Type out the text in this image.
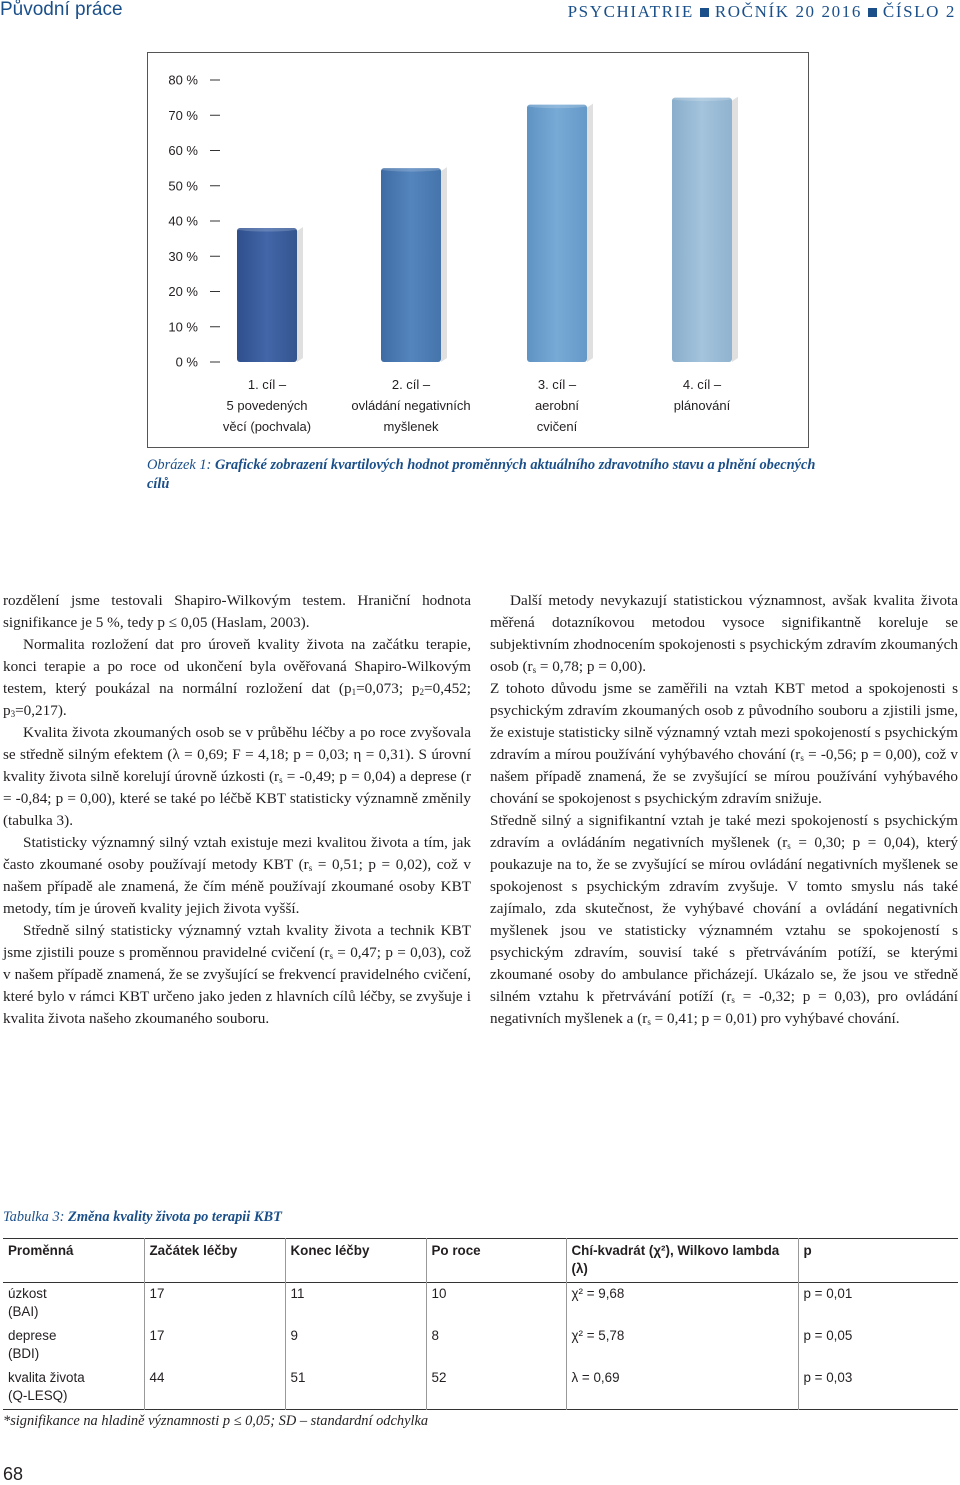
Původní práce	PSYCHIATRIE ROČNÍK 20 2016 ČÍSLO 2
0 %
10 %
20 %
30 %
40 %
50 %
60 %
70 %
80 %
1. cíl –
5 povedených
věcí (pochvala)
2. cíl –
ovládání negativních
myšlenek
3. cíl –
aerobní
cvičení
4. cíl –
plánování
Obrázek 1: Grafické zobrazení kvartilových hodnot proměnných aktuálního zdravotního stavu a plnění obecných cílů

rozdělení jsme testovali Shapiro-Wilkovým testem. Hraniční hodnota signifikance je 5 %, tedy p ≤ 0,05 (Haslam, 2003).

Normalita rozložení dat pro úroveň kvality života na začátku terapie, konci terapie a po roce od ukončení byla ověřovaná Shapiro-Wilkovým testem, který poukázal na normální rozložení dat ($p_1=0,073$; $p_2=0,452$; $p_3=0,217$).

Kvalita života zkoumaných osob se v průběhu léčby a po roce zvyšovala se středně silným efektem (λ = 0,69; F = 4,18; p = 0,03; η = 0,31). S úrovní kvality života silně korelují úrovně úzkosti ($r_s = -0,49$; p = 0,04) a deprese (r = -0,84; p = 0,00), které se také po léčbě KBT statisticky významně změnily (tabulka 3).

Statisticky významný silný vztah existuje mezi kvalitou života a tím, jak často zkoumané osoby používají metody KBT ($r_s = 0,51$; p = 0,02), což v našem případě ale znamená, že čím méně používají zkoumané osoby KBT metody, tím je úroveň kvality jejich života vyšší.

Středně silný statisticky významný vztah kvality života a technik KBT jsme zjistili pouze s proměnnou pravidelné cvičení ($r_s = 0,47$; p = 0,03), což v našem případě znamená, že se zvyšující se frekvencí pravidelného cvičení, které bylo v rámci KBT určeno jako jeden z hlavních cílů léčby, se zvyšuje i kvalita života našeho zkoumaného souboru.

Další metody nevykazují statistickou významnost, avšak kvalita života měřená dotazníkovou metodou vysoce signifikantně koreluje se subjektivním zhodnocením spokojenosti s psychickým zdravím zkoumaných osob ($r_s = 0,78$; p = 0,00).

Z tohoto důvodu jsme se zaměřili na vztah KBT metod a spokojenosti s psychickým zdravím zkoumaných osob z původního souboru a zjistili jsme, že existuje statisticky silně významný vztah mezi spokojeností s psychickým zdravím a mírou používání vyhýbavého chování ($r_s = -0,56$; p = 0,00), což v našem případě znamená, že se zvyšující se mírou používání vyhýbavého chování se spokojenost s psychickým zdravím snižuje.

Středně silný a signifikantní vztah je také mezi spokojeností s psychickým zdravím a ovládáním negativních myšlenek ($r_s = 0,30$; p = 0,04), který poukazuje na to, že se zvyšující se mírou ovládání negativních myšlenek se spokojenost s psychickým zdravím zvyšuje. V tomto smyslu nás také zajímalo, zda skutečnost, že vyhýbavé chování a ovládání negativních myšlenek jsou ve statisticky významném vztahu se spokojeností s psychickým zdravím, souvisí také s přetrváváním potíží, se kterými zkoumané osoby do ambulance přicházejí. Ukázalo se, že jsou ve středně silném vztahu k přetrvávání potíží ($r_s = -0,32$; p = 0,03), pro ovládání negativních myšlenek a ($r_s = 0,41$; p = 0,01) pro vyhýbavé chování.

Tabulka 3: Změna kvality života po terapii KBT
Proměnná	Začátek léčby	Konec léčby	Po roce	Chí-kvadrát (χ²), Wilkovo lambda (λ)	p
úzkost
(BAI)	17	11	10	χ² = 9,68	p = 0,01
deprese
(BDI)	17	9	8	χ² = 5,78	p = 0,05
kvalita života
(Q-LESQ)	44	51	52	λ = 0,69	p = 0,03
*signifikance na hladině významnosti p ≤ 0,05; SD – standardní odchylka
68
